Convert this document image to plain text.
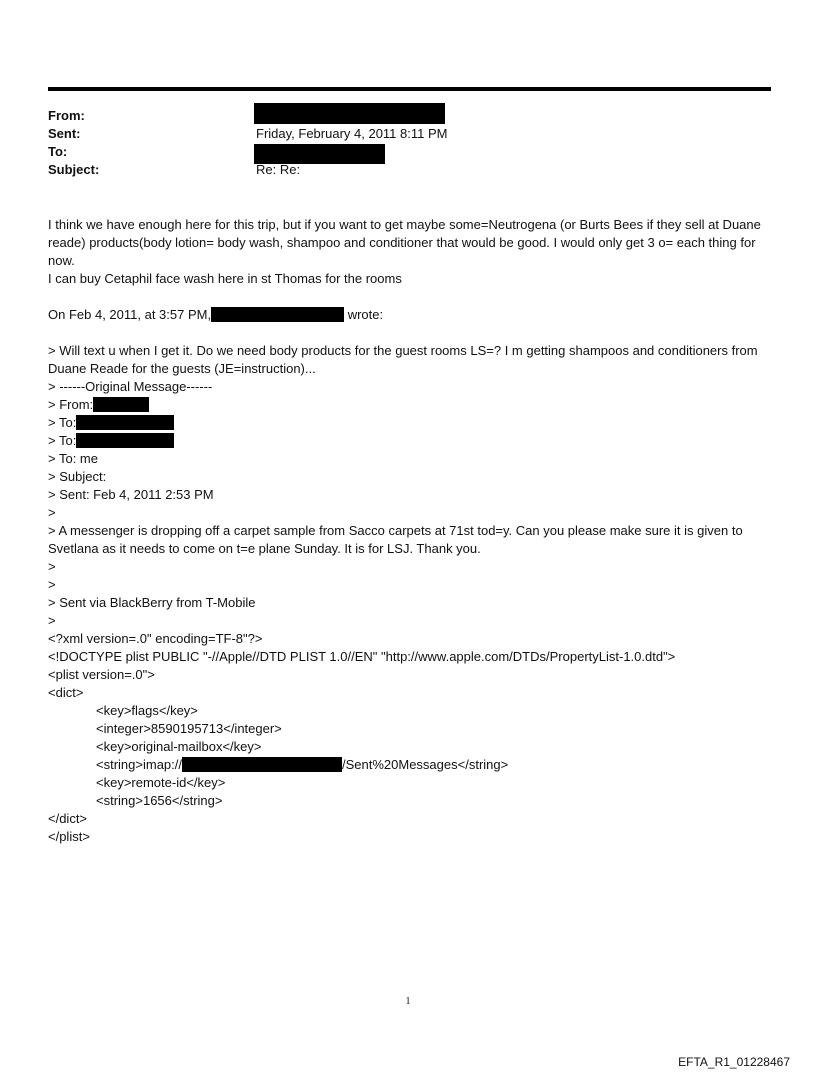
From:
Sent:
To:
Subject:
Friday, February 4, 2011 8:11 PM
Re: Re:
I think we have enough here for this trip, but if you want to get maybe some=Neutrogena (or Burts Bees if they sell at Duane reade) products(body lotion= body wash, shampoo and conditioner that would be good. I would only get 3 o= each thing for now.
I can buy Cetaphil face wash here in st Thomas for the rooms
On Feb 4, 2011, at 3:57 PM,	wrote:
> Will text u when I get it. Do we need body products for the guest rooms LS=? I m getting shampoos and conditioners from Duane Reade for the guests (JE=instruction)...
> ------Original Message------
> From:
> To:
> To:
> To: me
> Subject:
> Sent: Feb 4, 2011 2:53 PM
>
> A messenger is dropping off a carpet sample from Sacco carpets at 71st tod=y. Can you please make sure it is given to Svetlana as it needs to come on t=e plane Sunday. It is for LSJ. Thank you.
>
>
> Sent via BlackBerry from T-Mobile
>
<?xml version=.0" encoding=TF-8"?>
<!DOCTYPE plist PUBLIC "-//Apple//DTD PLIST 1.0//EN" "http://www.apple.com/DTDs/PropertyList-1.0.dtd">
<plist version=.0">
<dict>
<key>flags</key>
<integer>8590195713</integer>
<key>original-mailbox</key>
<string>imap://	/Sent%20Messages</string>
<key>remote-id</key>
<string>1656</string>
</dict>
</plist>
1
EFTA_R1_01228467
